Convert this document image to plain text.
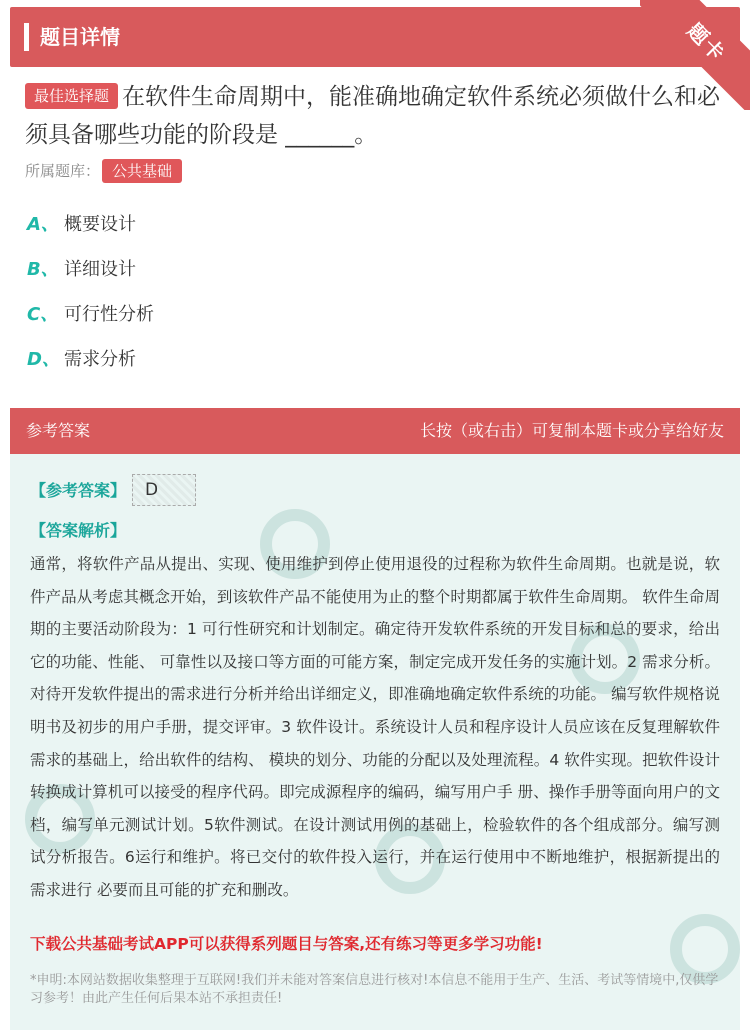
题目详情	题卡
最佳选择题 在软件生命周期中，能准确地确定软件系统必须做什么和必须具备哪些功能的阶段是 ______。
所属题库： 公共基础
A、 概要设计
B、 详细设计
C、 可行性分析
D、 需求分析
参考答案	长按（或右击）可复制本题卡或分享给好友
【参考答案】	D
【答案解析】
通常，将软件产品从提出、实现、使用维护到停止使用退役的过程称为软件生命周期。也就是说，软件产品从考虑其概念开始，到该软件产品不能使用为止的整个时期都属于软件生命周期。 软件生命周期的主要活动阶段为：1 可行性研究和计划制定。确定待开发软件系统的开发目标和总的要求，给出它的功能、性能、 可靠性以及接口等方面的可能方案，制定完成开发任务的实施计划。2 需求分析。对待开发软件提出的需求进行分析并给出详细定义，即准确地确定软件系统的功能。 编写软件规格说明书及初步的用户手册，提交评审。3 软件设计。系统设计人员和程序设计人员应该在反复理解软件需求的基础上，给出软件的结构、 模块的划分、功能的分配以及处理流程。4 软件实现。把软件设计转换成计算机可以接受的程序代码。即完成源程序的编码，编写用户手 册、操作手册等面向用户的文档，编写单元测试计划。5软件测试。在设计测试用例的基础上，检验软件的各个组成部分。编写测试分析报告。6运行和维护。将已交付的软件投入运行，并在运行使用中不断地维护，根据新提出的需求进行 必要而且可能的扩充和删改。
下载公共基础考试APP可以获得系列题目与答案,还有练习等更多学习功能!
*申明:本网站数据收集整理于互联网!我们并未能对答案信息进行核对!本信息不能用于生产、生活、考试等情境中,仅供学习参考！由此产生任何后果本站不承担责任!
